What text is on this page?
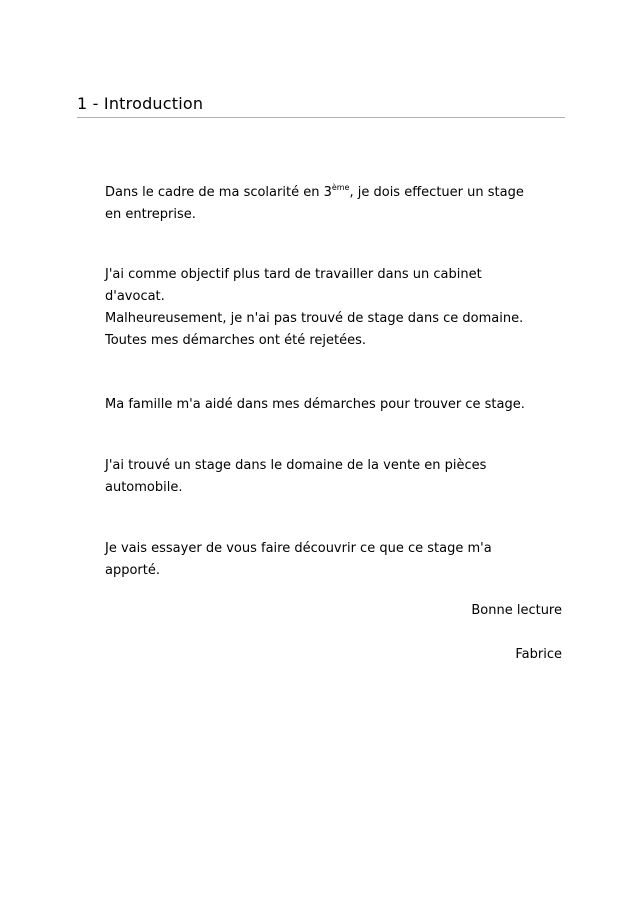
1 - Introduction
Dans le cadre de ma scolarité en 3ème, je dois effectuer un stage
en entreprise.
J'ai comme objectif plus tard de travailler dans un cabinet
d'avocat.
Malheureusement, je n'ai pas trouvé de stage dans ce domaine.
Toutes mes démarches ont été rejetées.
Ma famille m'a aidé dans mes démarches pour trouver ce stage.
J'ai trouvé un stage dans le domaine de la vente en pièces
automobile.
Je vais essayer de vous faire découvrir ce que ce stage m'a
apporté.
Bonne lecture
Fabrice
